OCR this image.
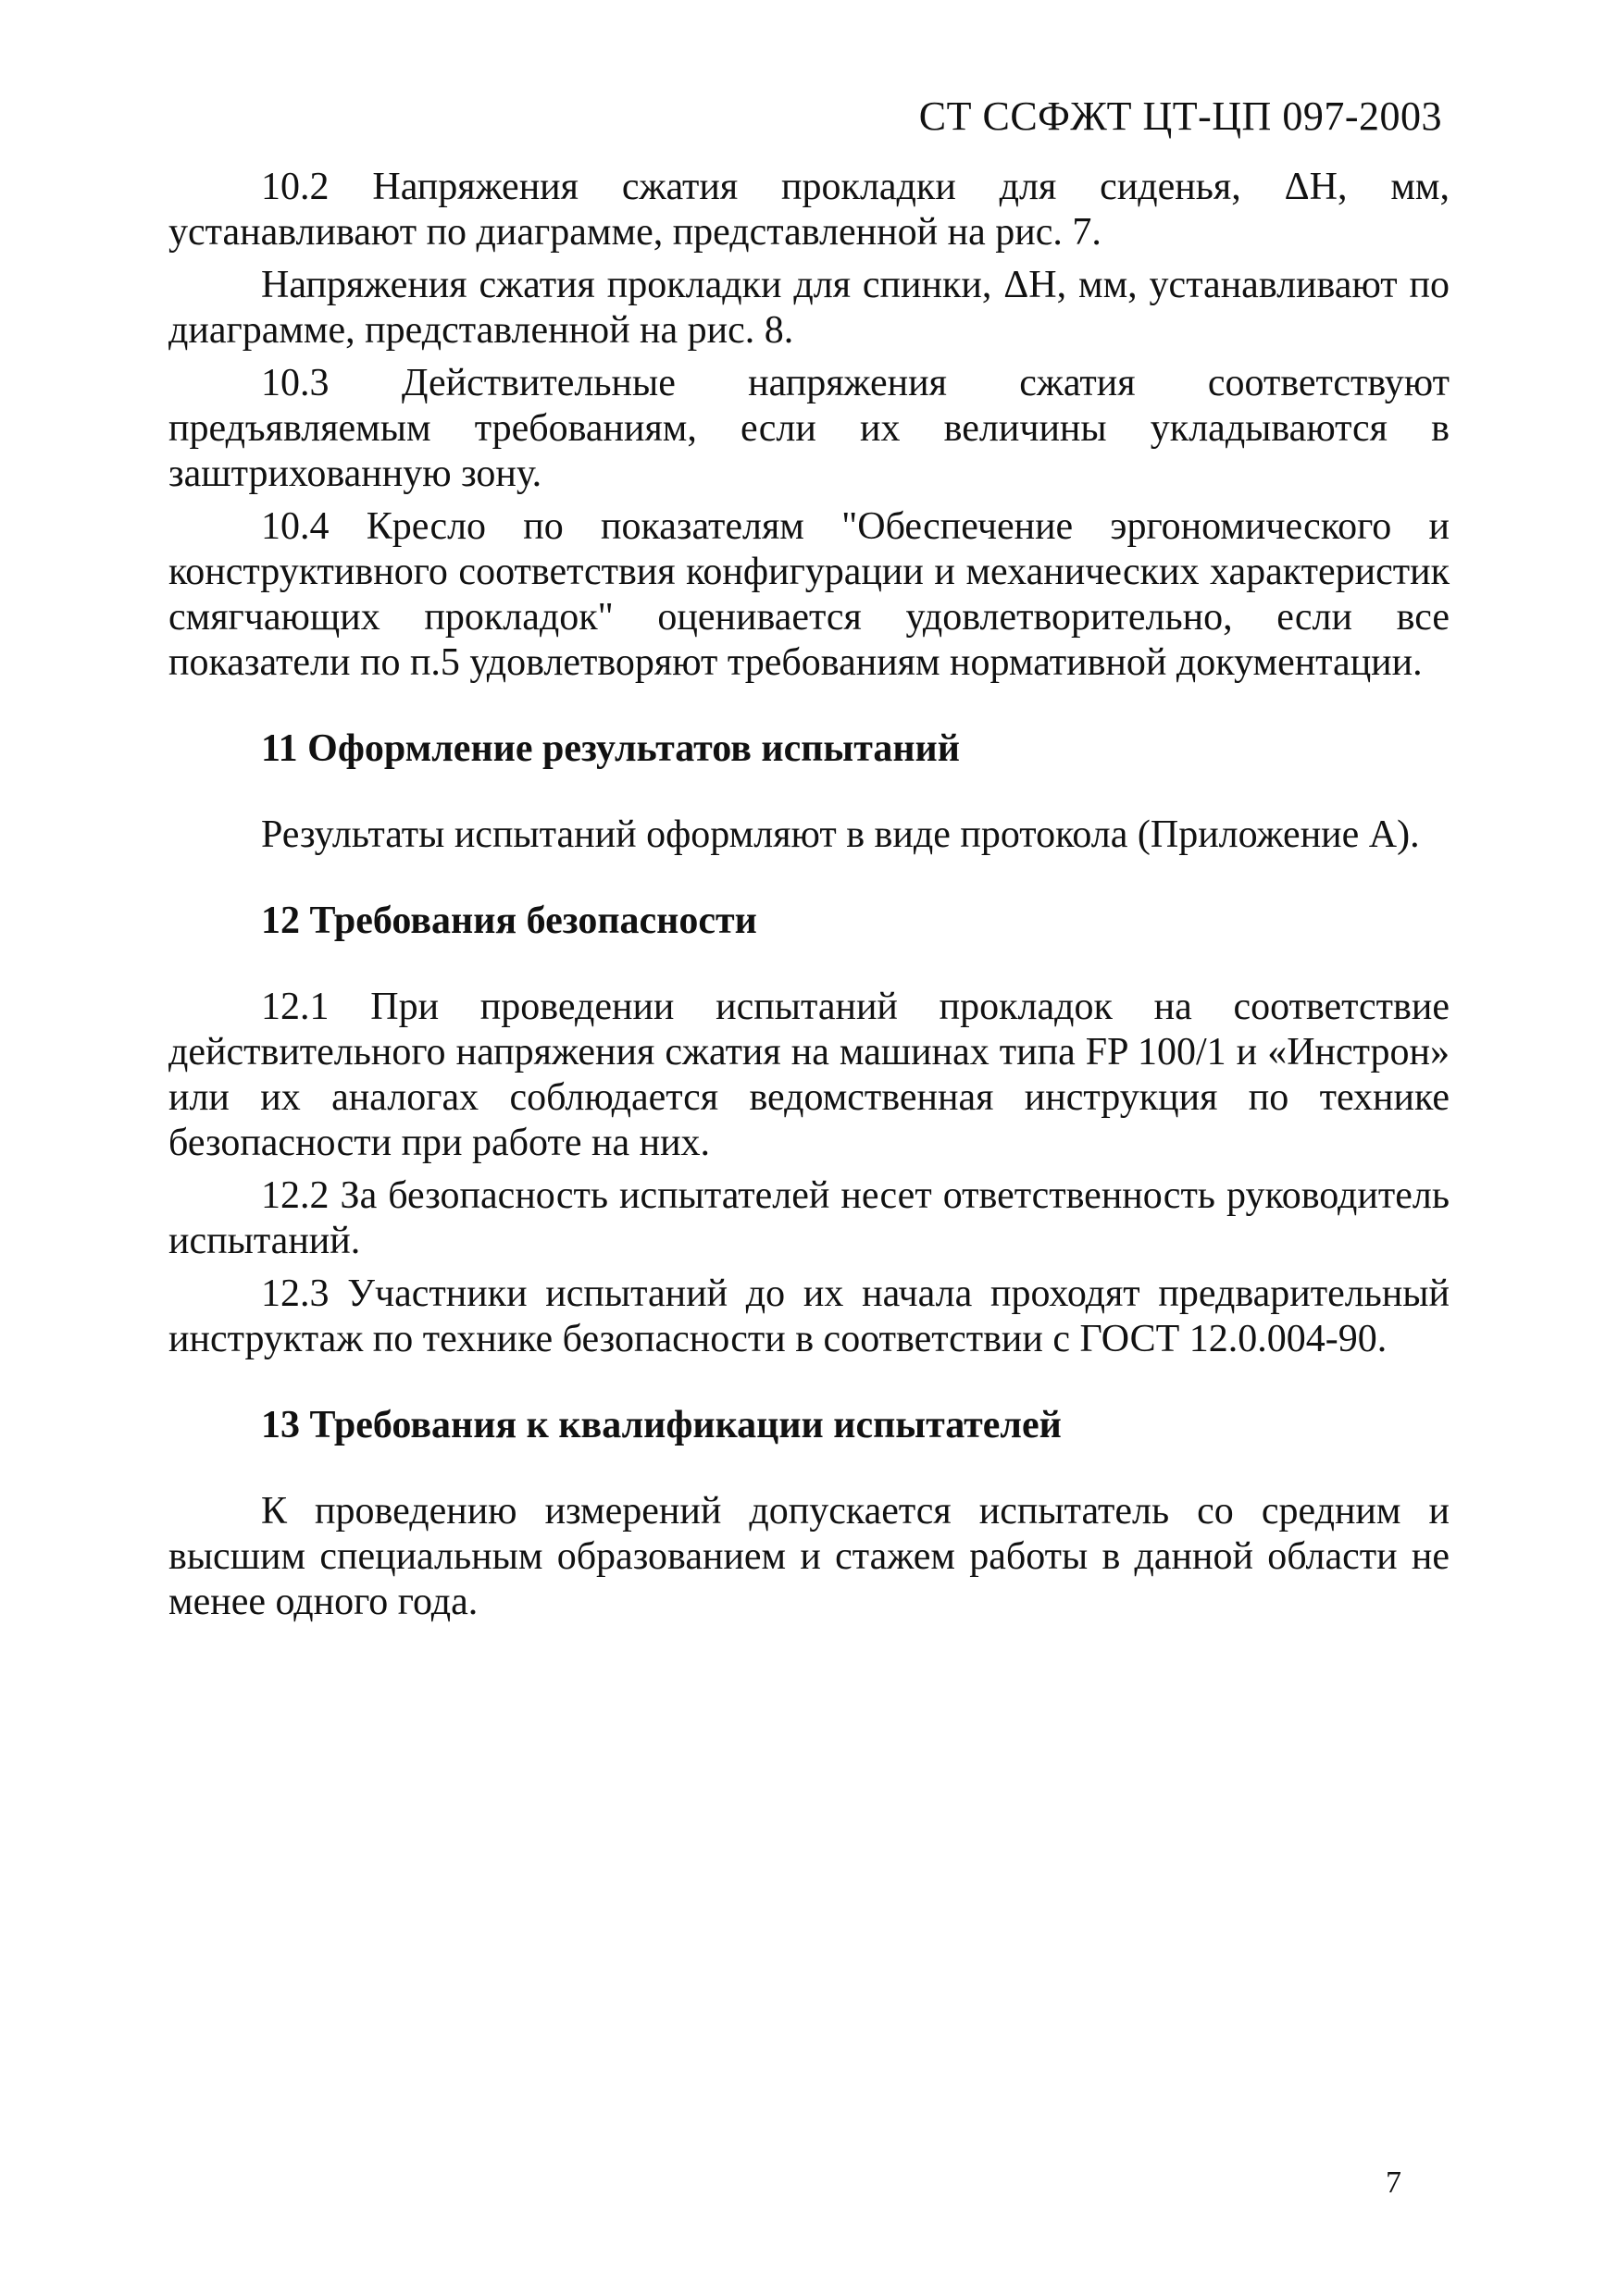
СТ ССФЖТ ЦТ-ЦП 097-2003

10.2 Напряжения сжатия прокладки для сиденья, ΔН, мм, устанавливают по диаграмме, представленной на рис. 7.

Напряжения сжатия прокладки для спинки, ΔН, мм, устанавливают по диаграмме, представленной на рис. 8.

10.3 Действительные напряжения сжатия соответствуют предъявляемым требованиям, если их величины укладываются в заштрихованную зону.

10.4 Кресло по показателям "Обеспечение эргономического и конструктивного соответствия конфигурации и механических характеристик смягчающих прокладок" оценивается удовлетворительно, если все показатели по п.5 удовлетворяют требованиям нормативной документации.

11 Оформление результатов испытаний

Результаты испытаний оформляют в виде протокола (Приложение А).

12 Требования безопасности

12.1 При проведении испытаний прокладок на соответствие действительного напряжения сжатия на машинах типа FP 100/1 и «Инстрон» или их аналогах соблюдается ведомственная инструкция по технике безопасности при работе на них.

12.2 За безопасность испытателей несет ответственность руководитель испытаний.

12.3 Участники испытаний до их начала проходят предварительный инструктаж по технике безопасности в соответствии с ГОСТ 12.0.004-90.

13 Требования к квалификации испытателей

К проведению измерений допускается испытатель со средним и высшим специальным образованием и стажем работы в данной области не менее одного года.

7
